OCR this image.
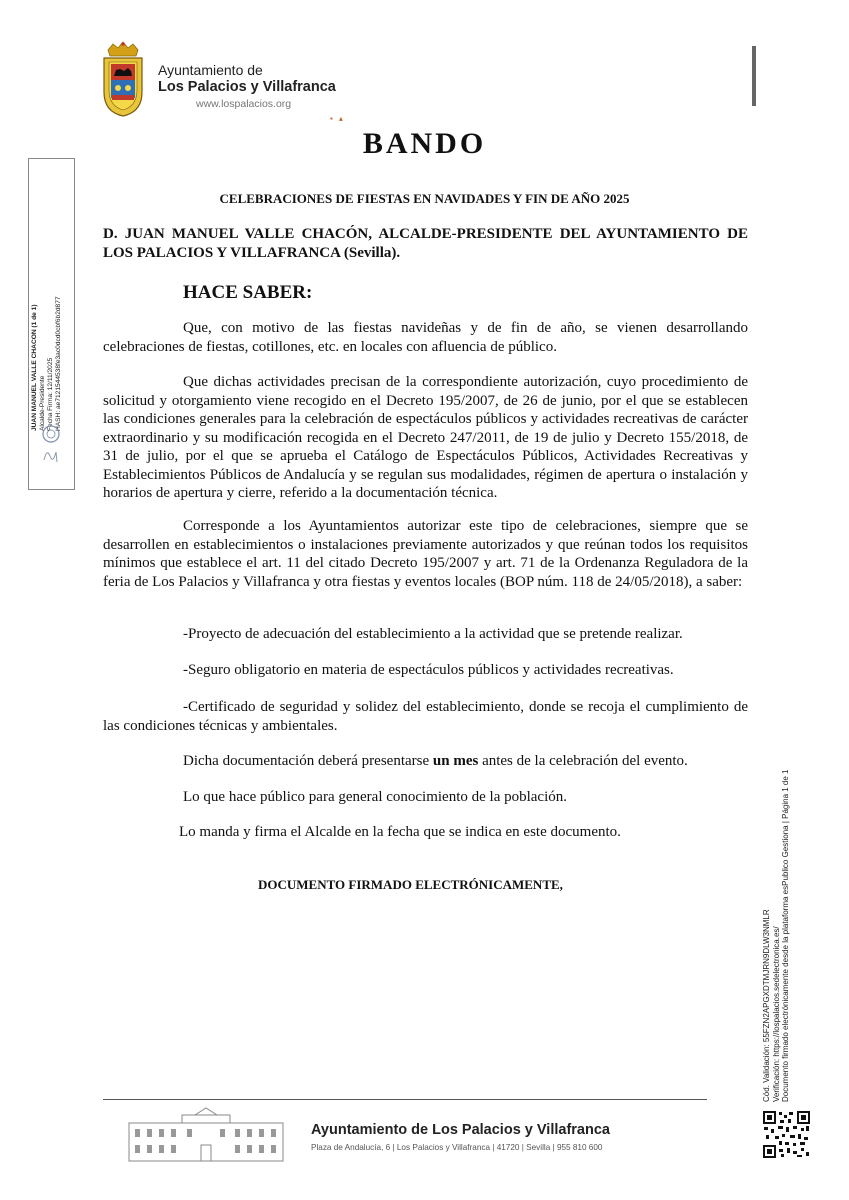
Ayuntamiento de
Los Palacios y Villafranca
www.lospalacios.org
▪ ▴
JUAN MANUEL VALLE CHACON (1 de 1) Alcalde-Presidente Fecha Firma: 12/11/2025 HASH: ae7121544538fe3ac0dcd0cbf6b2d877
BANDO
CELEBRACIONES DE FIESTAS EN NAVIDADES Y FIN DE AÑO 2025
D. JUAN MANUEL VALLE CHACÓN, ALCALDE-PRESIDENTE DEL AYUNTAMIENTO DE LOS PALACIOS Y VILLAFRANCA (Sevilla).
HACE SABER:
Que, con motivo de las fiestas navideñas y de fin de año, se vienen desarrollando celebraciones de fiestas, cotillones, etc. en locales con afluencia de público.
Que dichas actividades precisan de la correspondiente autorización, cuyo procedimiento de solicitud y otorgamiento viene recogido en el Decreto 195/2007, de 26 de junio, por el que se establecen las condiciones generales para la celebración de espectáculos públicos y actividades recreativas de carácter extraordinario y su modificación recogida en el Decreto 247/2011, de 19 de julio y Decreto 155/2018, de 31 de julio, por el que se aprueba el Catálogo de Espectáculos Públicos, Actividades Recreativas y Establecimientos Públicos de Andalucía y se regulan sus modalidades, régimen de apertura o instalación y horarios de apertura y cierre, referido a la documentación técnica.
Corresponde a los Ayuntamientos autorizar este tipo de celebraciones, siempre que se desarrollen en establecimientos o instalaciones previamente autorizados y que reúnan todos los requisitos mínimos que establece el art. 11 del citado Decreto 195/2007 y art. 71 de la Ordenanza Reguladora de la feria de Los Palacios y Villafranca y otra fiestas y eventos locales (BOP núm. 118 de 24/05/2018), a saber:
-Proyecto de adecuación del establecimiento a la actividad que se pretende realizar.
-Seguro obligatorio en materia de espectáculos públicos y actividades recreativas.
-Certificado de seguridad y solidez del establecimiento, donde se recoja el cumplimiento de las condiciones técnicas y ambientales.
Dicha documentación deberá presentarse un mes antes de la celebración del evento.
Lo que hace público para general conocimiento de la población.
Lo manda y firma el Alcalde en la fecha que se indica en este documento.
DOCUMENTO FIRMADO ELECTRÓNICAMENTE,
Cód. Validación: 55FZN2APGXDTMJRN9DLW3NMLR Verificación: https://lospalacios.sedelectronica.es/ Documento firmado electrónicamente desde la plataforma esPublico Gestiona | Página 1 de 1
Ayuntamiento de Los Palacios y Villafranca
Plaza de Andalucía, 6 | Los Palacios y Villafranca | 41720 | Sevilla | 955 810 600
